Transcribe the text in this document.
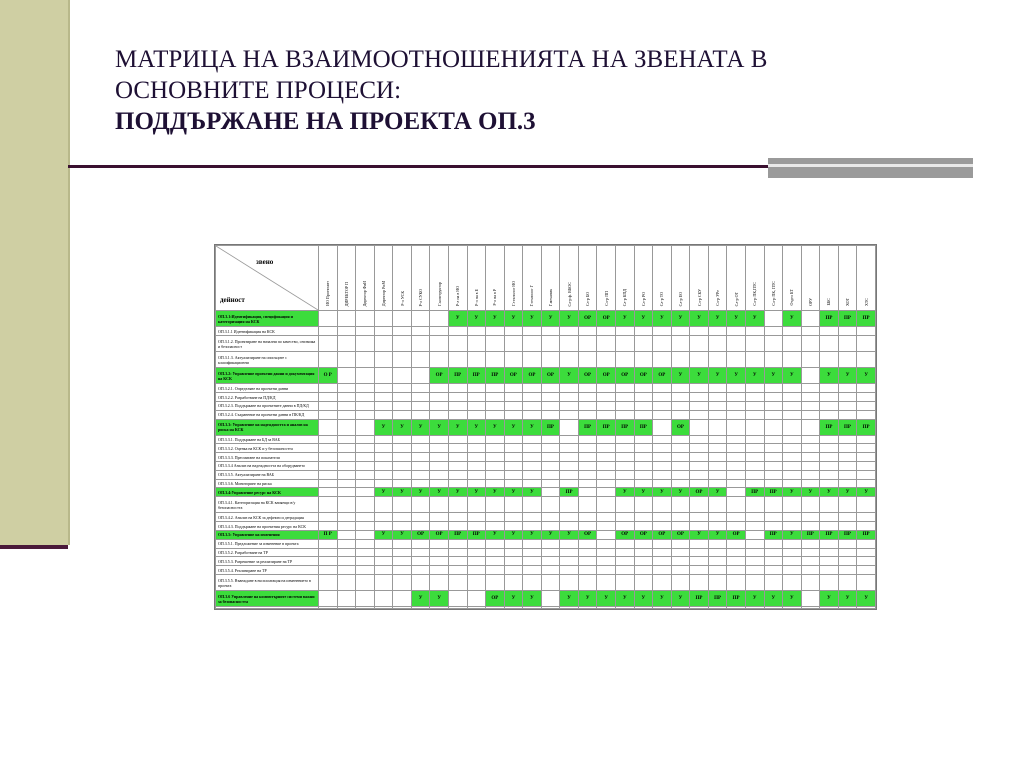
МАТРИЦА НА ВЗАИМООТНОШЕНИЯТА НА ЗВЕНАТА В
ОСНОВНИТЕ ПРОЦЕСИ:
ПОДДЪРЖАНЕ НА ПРОЕКТА ОП.3
звено
дейност	ИО Проектант	ДИРЕКТОР П	Директор ФиИ	Директор РиМ	Р-л УСК	Р-л СУКО	Г.конструктор	Р-л на в НО	Р-л на в Е	Р-л на в Р	Г.технолог НО	Г.технолог Г	Г.механик	Сл-р ф. ВКОС	Сл-р БО	Сл-р ПП	Сл-р КПД	Сл-р РО	Сл-р ТО	Сл-р ЕО	Сл-р СКУ	Сл-р УРе	Сл-р ОТ	Сл-р ПК,ПТС	Сл-р ПК, ПТС	Отдел КТ	ОРУ	БКС	ХОТ	ХТС

ОП.3.1:Идентификация, спецификация и категоризация на КСК								У	У	У	У	У	У	У	ОР	ОР	У	У	У	У	У	У	У	У		У		ПР	ПР	ПР
ОП.3.1.1 Идентификация на КСК																														
ОП.3.1.2. Проектиране на начални по качество, сеизмика и безопасност																														
ОП.3.1.3. Актуализиране на списъците с класификационни																														
ОП.3.2: Управление проектни данни и документация на КСК	О Р						ОР	ПР	ПР	ПР	ОР	ОР	ОР	У	ОР	ОР	ОР	ОР	ОР	У	У	У	У	У	У	У		У	У	У
ОП.3.2.1. Определяне на проектни данни																														
ОП.3.2.2. Разработване на ПД/КД																														
ОП.3.2.3. Поддържане на проектните данни в ПД/КД																														
ОП.3.2.4. Съхранение на проектни данни в ПК/КД																														
ОП.3.3: Управление на надеждността и анализ на риска на КСК				У	У	У	У	У	У	У	У	У	ПР		ПР	ПР	ПР	ПР		ОР								ПР	ПР	ПР
ОП.3.3.1. Поддържане на БД за ВАБ																														
ОП.3.3.2. Оценка на КСК и у безопасността																														
ОП.3.3.3. Пресмятане на показатели																														
ОП.3.3.4 Анализ на надеждността на оборудването																														
ОП.3.3.5. Актуализиране на ВАБ																														
ОП.3.3.6. Мониторинг на риска																														
ОП.3.4:Управление ресурс на КСК				У	У	У	У	У	У	У	У	У		ПР			У	У	У	У	ОР	У		ПР	ПР	У	У	У	У	У
ОП.3.4.1. Категоризация на КСК влияещи в/у безопасността																														
ОП.3.4.2. Анализ на КСК за дефекти и деградация																														
ОП.3.4.3. Поддържане на проектния ресурс на КСК																														
ОП.3.5: Управление на изменения	П Р			У	У	ОР	ОР	ПР	ПР	У	У	У	У	У	ОР		ОР	ОР	ОР	ОР	У	У	ОР		ПР	У	ПР	ПР	ПР	ПР
ОП.3.5.1. Предложение за изменение в проекта																														
ОП.3.5.2. Разработване на ТР																														
ОП.3.5.3. Разрешение за реализиране на ТР																														
ОП.3.5.4. Реализиране на ТР																														
ОП.3.5.5. Въвеждане в експлоатация на изменението в проекта																														
ОП.3.6 Управление на компютърните системи важни за безопасността						У	У			ОР	У	У		У	У	У	У	У	У	У	ПР	ПР	ПР	У	У	У		У	У	У
